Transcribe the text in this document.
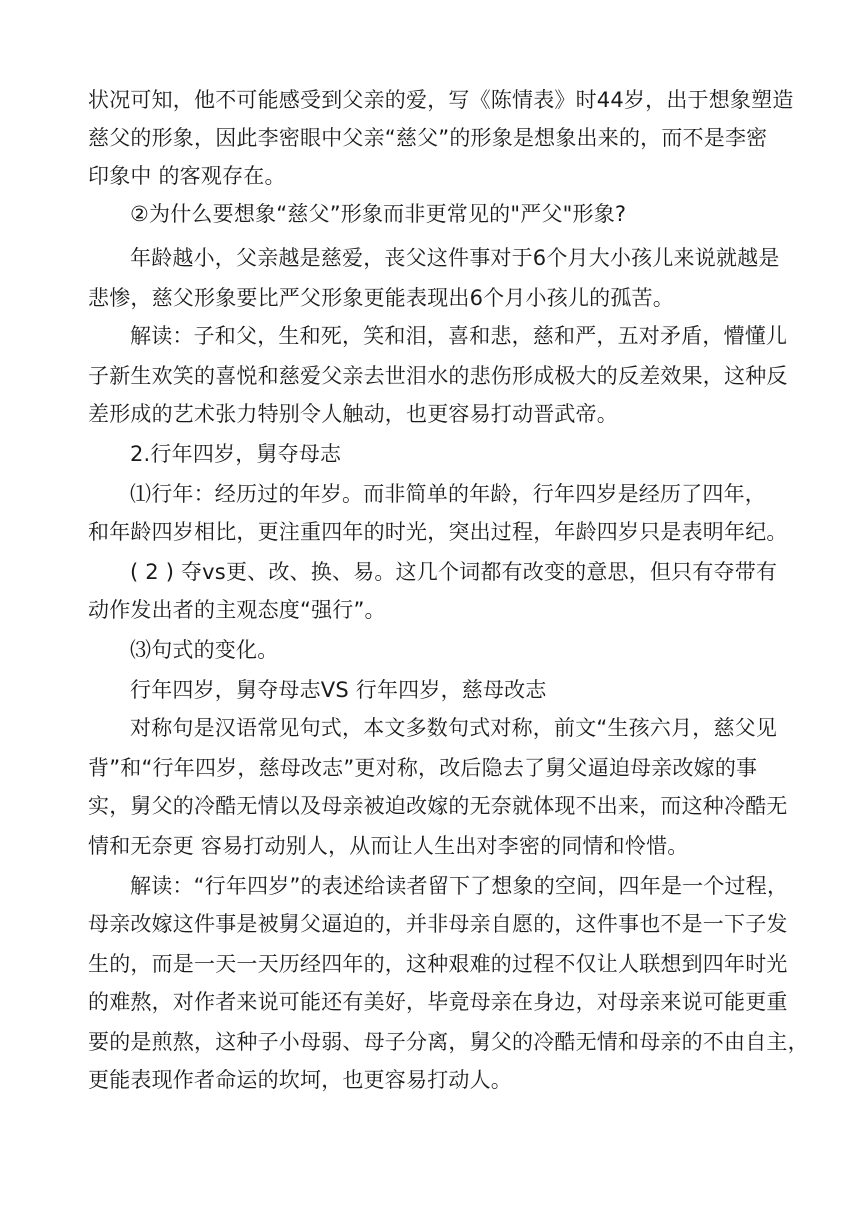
状况可知，他不可能感受到父亲的爱，写《陈情表》时44岁，出于想象塑造
慈父的形象，因此李密眼中父亲“慈父”的形象是想象出来的，而不是李密
印象中 的客观存在。
②为什么要想象“慈父”形象而非更常见的"严父"形象?
年龄越小，父亲越是慈爱，丧父这件事对于6个月大小孩儿来说就越是
悲惨，慈父形象要比严父形象更能表现出6个月小孩儿的孤苦。
解读：子和父，生和死，笑和泪，喜和悲，慈和严，五对矛盾，懵懂儿
子新生欢笑的喜悦和慈爱父亲去世泪水的悲伤形成极大的反差效果，这种反
差形成的艺术张力特别令人触动，也更容易打动晋武帝。
2.行年四岁，舅夺母志
⑴行年：经历过的年岁。而非简单的年龄，行年四岁是经历了四年，
和年龄四岁相比，更注重四年的时光，突出过程，年龄四岁只是表明年纪。
( 2 ) 夺vs更、改、换、易。这几个词都有改变的意思，但只有夺带有
动作发出者的主观态度“强行”。
⑶句式的变化。
行年四岁，舅夺母志VS 行年四岁，慈母改志
对称句是汉语常见句式，本文多数句式对称，前文“生孩六月，慈父见
背”和“行年四岁，慈母改志”更对称，改后隐去了舅父逼迫母亲改嫁的事
实，舅父的冷酷无情以及母亲被迫改嫁的无奈就体现不出来，而这种冷酷无
情和无奈更 容易打动别人，从而让人生出对李密的同情和怜惜。
解读：“行年四岁”的表述给读者留下了想象的空间，四年是一个过程，
母亲改嫁这件事是被舅父逼迫的，并非母亲自愿的，这件事也不是一下子发
生的，而是一天一天历经四年的，这种艰难的过程不仅让人联想到四年时光
的难熬，对作者来说可能还有美好，毕竟母亲在身边，对母亲来说可能更重
要的是煎熬，这种子小母弱、母子分离，舅父的冷酷无情和母亲的不由自主，
更能表现作者命运的坎坷，也更容易打动人。
